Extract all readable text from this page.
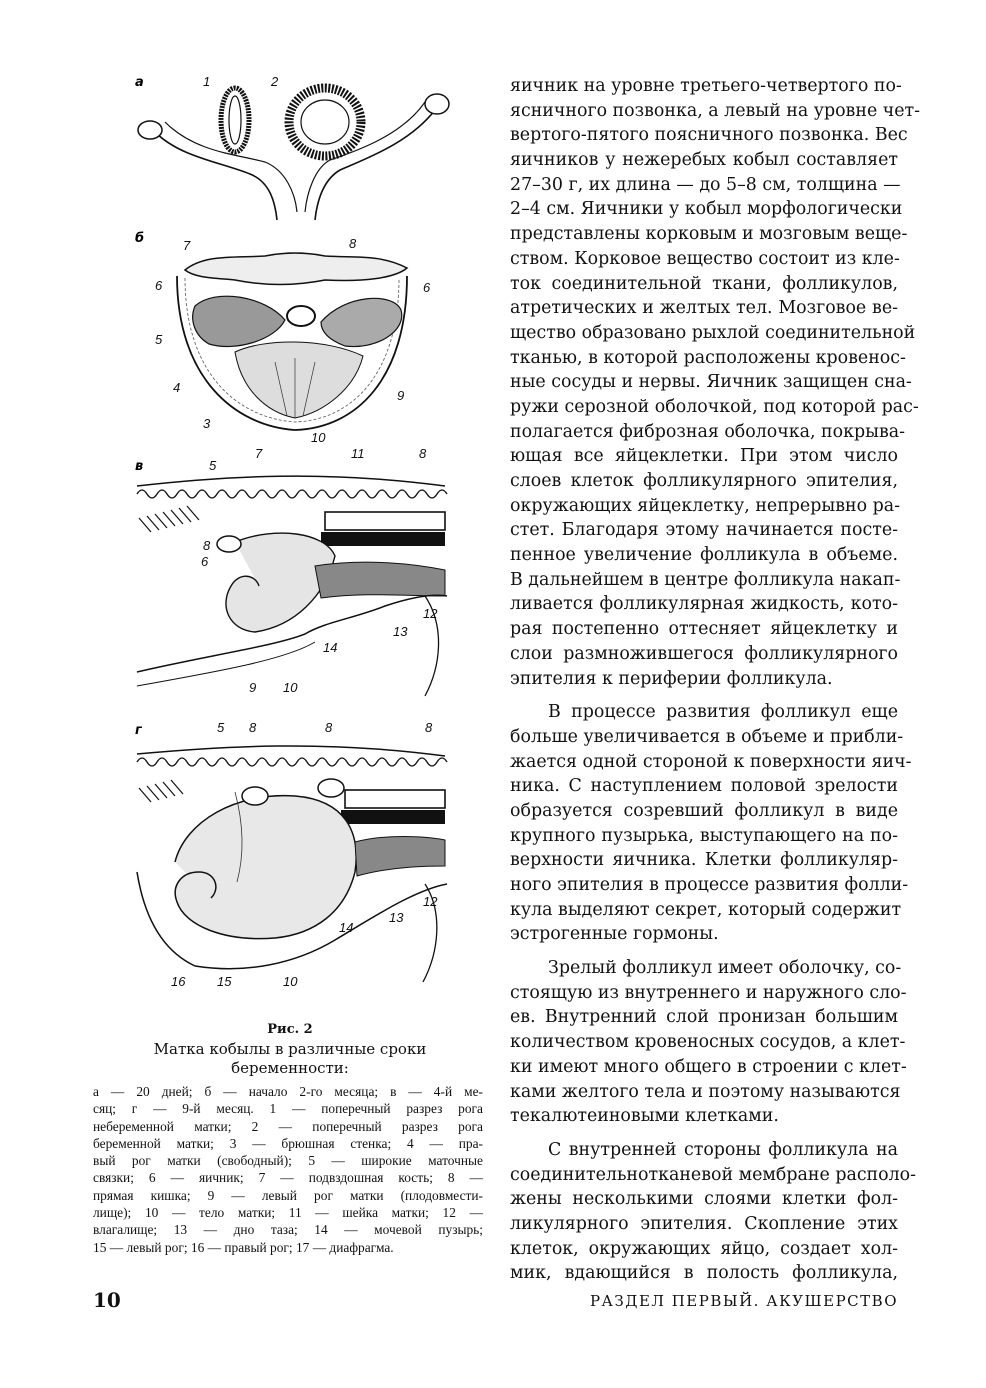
а	1	2
б	7	8
6	6
5
4
3
10
9
в	5
7	11	8
8
6
13
12
14
9 10
г	5 8	8	8
16 15	10
14
13
12
Рис. 2
Матка кобылы в различные сроки
беременности:
а — 20 дней; б — начало 2-го месяца; в — 4-й ме-
сяц; г — 9-й месяц. 1 — поперечный разрез рога
небеременной матки; 2 — поперечный разрез рога
беременной матки; 3 — брюшная стенка; 4 — пра-
вый рог матки (свободный); 5 — широкие маточные
связки; 6 — яичник; 7 — подвздошная кость; 8 —
прямая кишка; 9 — левый рог матки (плодовмести-
лище); 10 — тело матки; 11 — шейка матки; 12 —
влагалище; 13 — дно таза; 14 — мочевой пузырь;
15 — левый рог; 16 — правый рог; 17 — диафрагма.
яичник на уровне третьего-четвертого по-
ясничного позвонка, а левый на уровне чет-
вертого-пятого поясничного позвонка. Вес
яичников у нежеребых кобыл составляет
27–30 г, их длина — до 5–8 см, толщина —
2–4 см. Яичники у кобыл морфологически
представлены корковым и мозговым веще-
ством. Корковое вещество состоит из кле-
ток соединительной ткани, фолликулов,
атретических и желтых тел. Мозговое ве-
щество образовано рыхлой соединительной
тканью, в которой расположены кровенос-
ные сосуды и нервы. Яичник защищен сна-
ружи серозной оболочкой, под которой рас-
полагается фиброзная оболочка, покрыва-
ющая все яйцеклетки. При этом число
слоев клеток фолликулярного эпителия,
окружающих яйцеклетку, непрерывно ра-
стет. Благодаря этому начинается посте-
пенное увеличение фолликула в объеме.
В дальнейшем в центре фолликула накап-
ливается фолликулярная жидкость, кото-
рая постепенно оттесняет яйцеклетку и
слои размножившегося фолликулярного
эпителия к периферии фолликула.
В процессе развития фолликул еще
больше увеличивается в объеме и прибли-
жается одной стороной к поверхности яич-
ника. С наступлением половой зрелости
образуется созревший фолликул в виде
крупного пузырька, выступающего на по-
верхности яичника. Клетки фолликуляр-
ного эпителия в процессе развития фолли-
кула выделяют секрет, который содержит
эстрогенные гормоны.
Зрелый фолликул имеет оболочку, со-
стоящую из внутреннего и наружного сло-
ев. Внутренний слой пронизан большим
количеством кровеносных сосудов, а клет-
ки имеют много общего в строении с клет-
ками желтого тела и поэтому называются
текалютеиновыми клетками.
С внутренней стороны фолликула на
соединительнотканевой мембране располо-
жены несколькими слоями клетки фол-
ликулярного эпителия. Скопление этих
клеток, окружающих яйцо, создает хол-
мик, вдающийся в полость фолликула,
10	РАЗДЕЛ ПЕРВЫЙ. АКУШЕРСТВО
